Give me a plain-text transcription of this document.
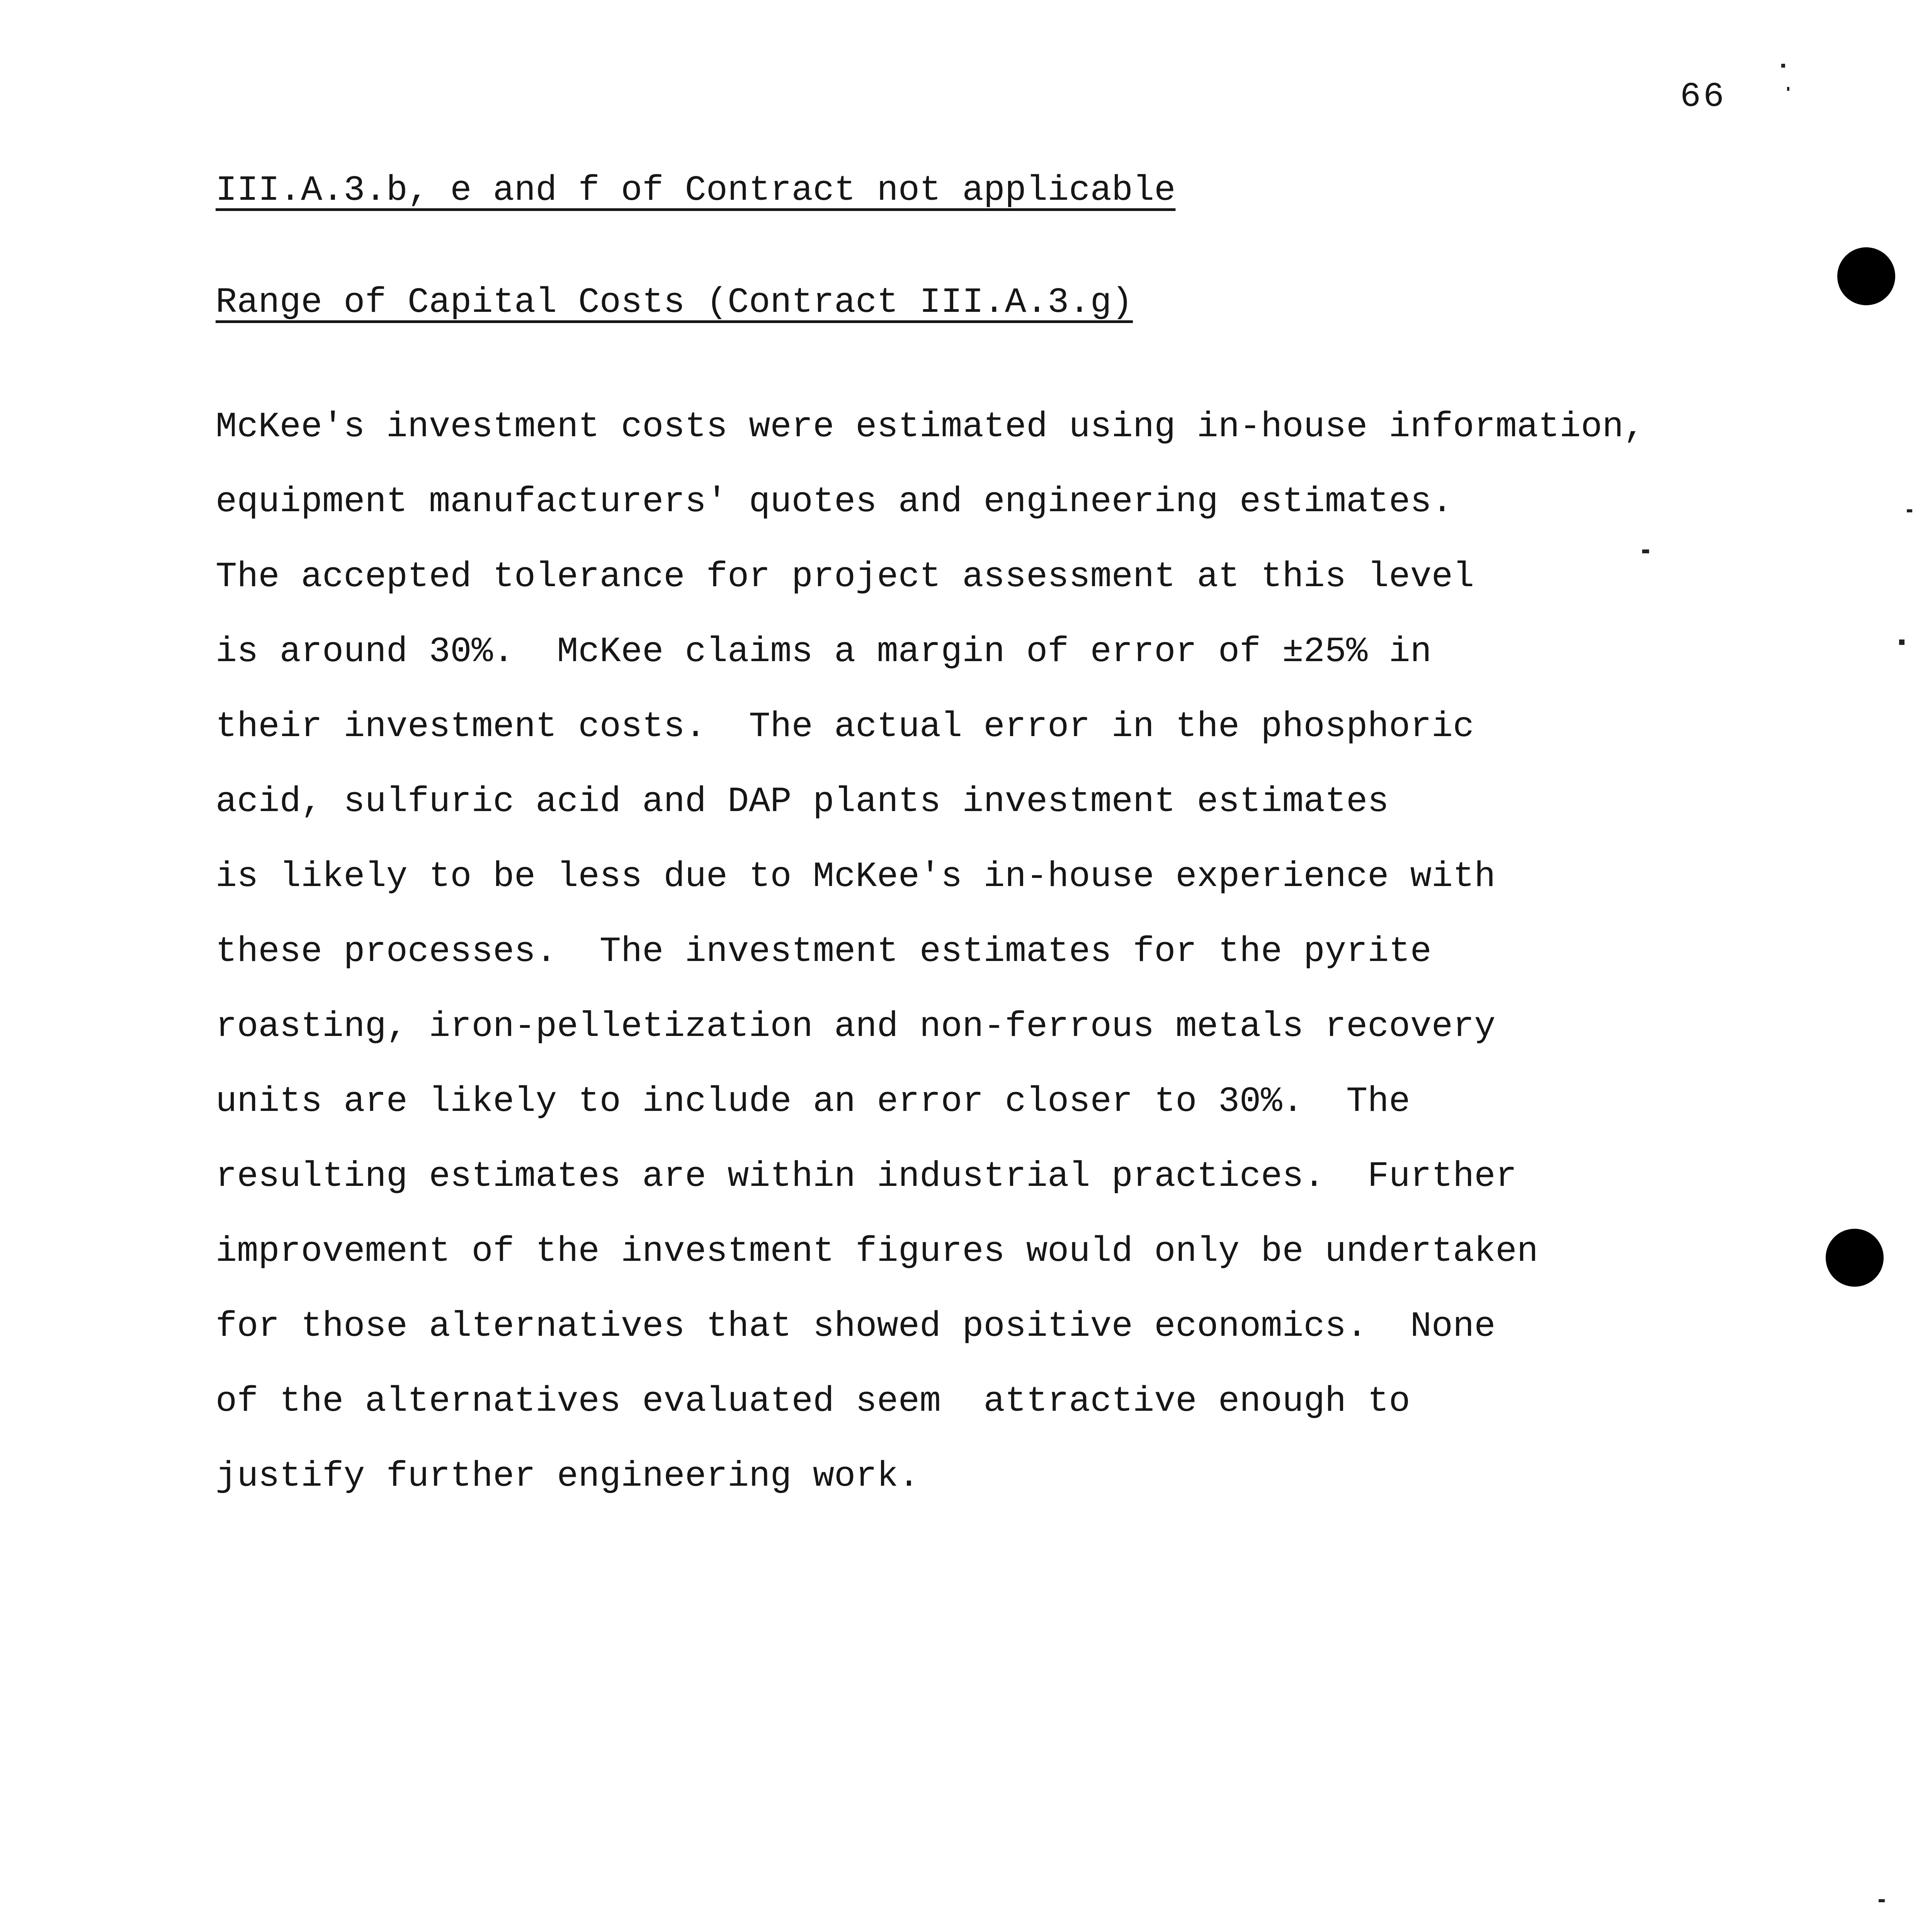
66
III.A.3.b, e and f of Contract not applicable
Range of Capital Costs (Contract III.A.3.g)
McKee's investment costs were estimated using in-house information,
equipment manufacturers' quotes and engineering estimates.
The accepted tolerance for project assessment at this level
is around 30%.  McKee claims a margin of error of ±25% in
their investment costs.  The actual error in the phosphoric
acid, sulfuric acid and DAP plants investment estimates
is likely to be less due to McKee's in-house experience with
these processes.  The investment estimates for the pyrite
roasting, iron-pelletization and non-ferrous metals recovery
units are likely to include an error closer to 30%.  The
resulting estimates are within industrial practices.  Further
improvement of the investment figures would only be undertaken
for those alternatives that showed positive economics.  None
of the alternatives evaluated seem  attractive enough to
justify further engineering work.
